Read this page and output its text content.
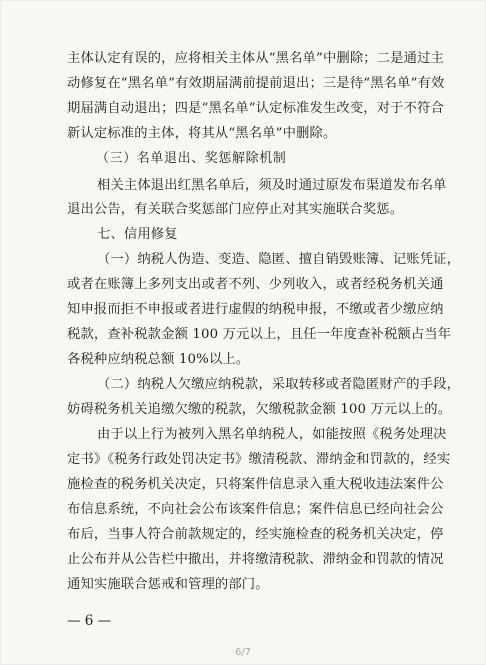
主体认定有误的，应将相关主体从“黑名单”中删除；二是通过主
动修复在“黑名单”有效期届满前提前退出；三是待“黑名单”有效
期届满自动退出；四是“黑名单”认定标准发生改变，对于不符合
新认定标准的主体，将其从“黑名单”中删除。
（三）名单退出、奖惩解除机制
相关主体退出红黑名单后，须及时通过原发布渠道发布名单
退出公告，有关联合奖惩部门应停止对其实施联合奖惩。
七、信用修复
（一）纳税人伪造、变造、隐匿、擅自销毁账簿、记账凭证，
或者在账簿上多列支出或者不列、少列收入，或者经税务机关通
知申报而拒不申报或者进行虚假的纳税申报，不缴或者少缴应纳
税款，查补税款金额 100 万元以上，且任一年度查补税额占当年
各税种应纳税总额 10%以上。
（二）纳税人欠缴应纳税款，采取转移或者隐匿财产的手段，
妨碍税务机关追缴欠缴的税款，欠缴税款金额 100 万元以上的。
由于以上行为被列入黑名单纳税人，如能按照《税务处理决
定书》《税务行政处罚决定书》缴清税款、滞纳金和罚款的，经实
施检查的税务机关决定，只将案件信息录入重大税收违法案件公
布信息系统，不向社会公布该案件信息；案件信息已经向社会公
布后，当事人符合前款规定的，经实施检查的税务机关决定，停
止公布并从公告栏中撤出，并将缴清税款、滞纳金和罚款的情况
通知实施联合惩戒和管理的部门。
— 6 —
6/7
